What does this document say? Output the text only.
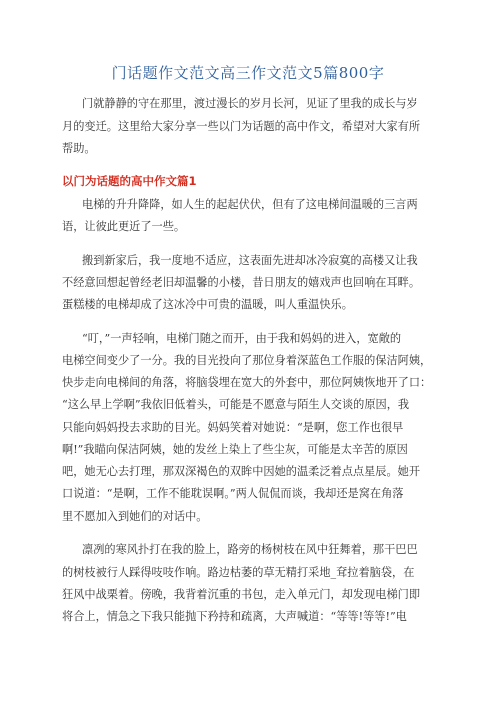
门话题作文范文高三作文范文5篇800字
门就静静的守在那里，渡过漫长的岁月长河，见证了里我的成长与岁
月的变迁。这里给大家分享一些以门为话题的高中作文，希望对大家有所
帮助。
以门为话题的高中作文篇1
电梯的升升降降，如人生的起起伏伏，但有了这电梯间温暖的三言两
语，让彼此更近了一些。
搬到新家后，我一度地不适应，这表面先进却冰冷寂寞的高楼又让我
不经意回想起曾经老旧却温馨的小楼，昔日朋友的嬉戏声也回响在耳畔。
蛋糕楼的电梯却成了这冰冷中可贵的温暖，叫人重温快乐。
“叮，”一声轻响，电梯门随之而开，由于我和妈妈的进入，宽敞的
电梯空间变少了一分。我的目光投向了那位身着深蓝色工作服的保洁阿姨，
快步走向电梯间的角落，将脑袋埋在宽大的外套中，那位阿姨恢地开了口：
“这么早上学啊”我依旧低着头，可能是不愿意与陌生人交谈的原因，我
只能向妈妈投去求助的目光。妈妈笑着对她说：“是啊，您工作也很早
啊!”我瞄向保洁阿姨，她的发丝上染上了些尘灰，可能是太辛苦的原因
吧，她无心去打理，那双深褐色的双眸中因她的温柔泛着点点星辰。她开
口说道：“是啊，工作不能耽误啊。”两人侃侃而谈，我却还是窝在角落
里不愿加入到她们的对话中。
凛冽的寒风扑打在我的脸上，路旁的杨树枝在风中狂舞着，那干巴巴
的树枝被行人踩得吱吱作响。路边枯萎的草无精打采地_耷拉着脑袋，在
狂风中战栗着。傍晚，我背着沉重的书包，走入单元门，却发现电梯门即
将合上，情急之下我只能抛下矜持和疏离，大声喊道：“等等!等等!”电
